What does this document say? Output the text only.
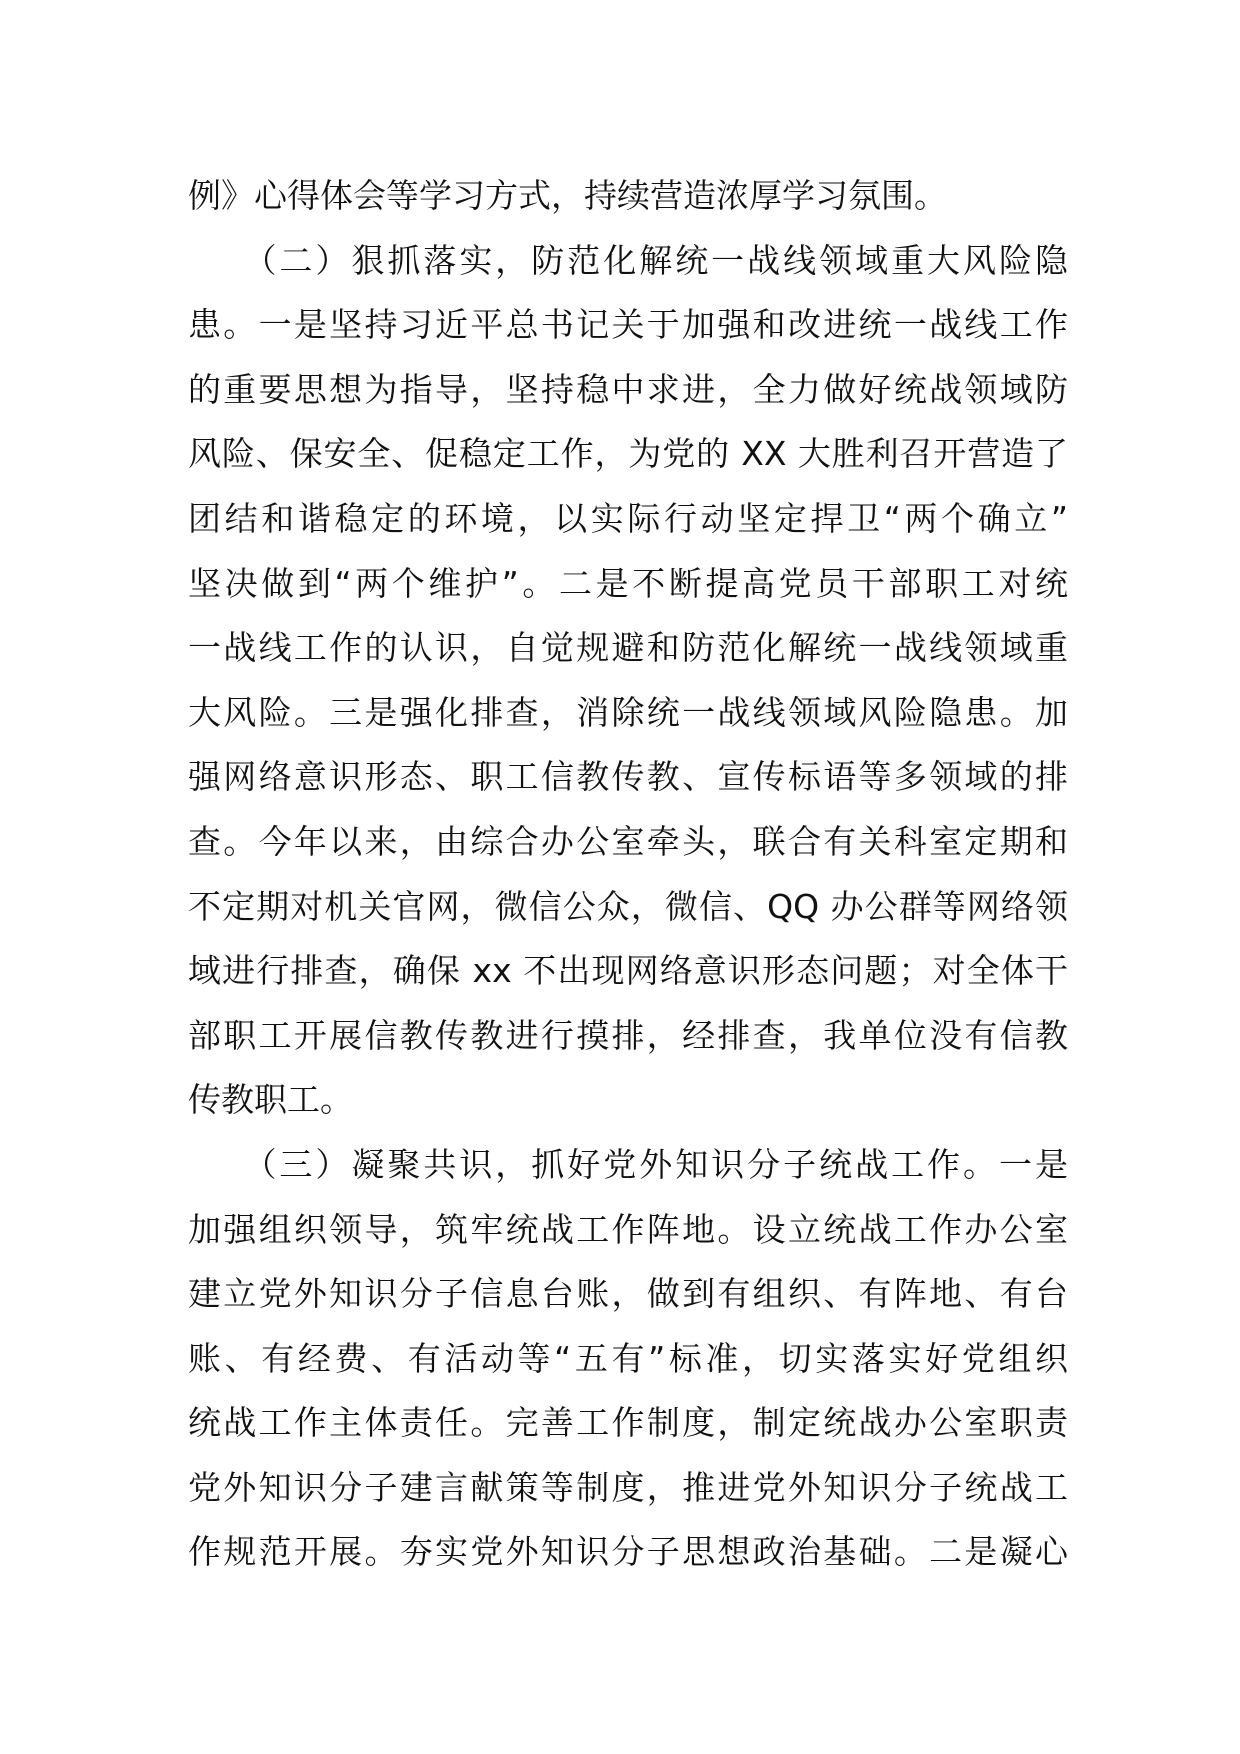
例》心得体会等学习方式，持续营造浓厚学习氛围。
　　（二）狠抓落实，防范化解统一战线领域重大风险隐
患。一是坚持习近平总书记关于加强和改进统一战线工作
的重要思想为指导，坚持稳中求进，全力做好统战领域防
风险、保安全、促稳定工作，为党的 XX 大胜利召开营造了
团结和谐稳定的环境，以实际行动坚定捍卫“两个确立”
坚决做到“两个维护”。二是不断提高党员干部职工对统
一战线工作的认识，自觉规避和防范化解统一战线领域重
大风险。三是强化排查，消除统一战线领域风险隐患。加
强网络意识形态、职工信教传教、宣传标语等多领域的排
查。今年以来，由综合办公室牵头，联合有关科室定期和
不定期对机关官网，微信公众，微信、QQ 办公群等网络领
域进行排查，确保 xx 不出现网络意识形态问题；对全体干
部职工开展信教传教进行摸排，经排查，我单位没有信教
传教职工。
　　（三）凝聚共识，抓好党外知识分子统战工作。一是
加强组织领导，筑牢统战工作阵地。设立统战工作办公室
建立党外知识分子信息台账，做到有组织、有阵地、有台
账、有经费、有活动等“五有”标准，切实落实好党组织
统战工作主体责任。完善工作制度，制定统战办公室职责
党外知识分子建言献策等制度，推进党外知识分子统战工
作规范开展。夯实党外知识分子思想政治基础。二是凝心
